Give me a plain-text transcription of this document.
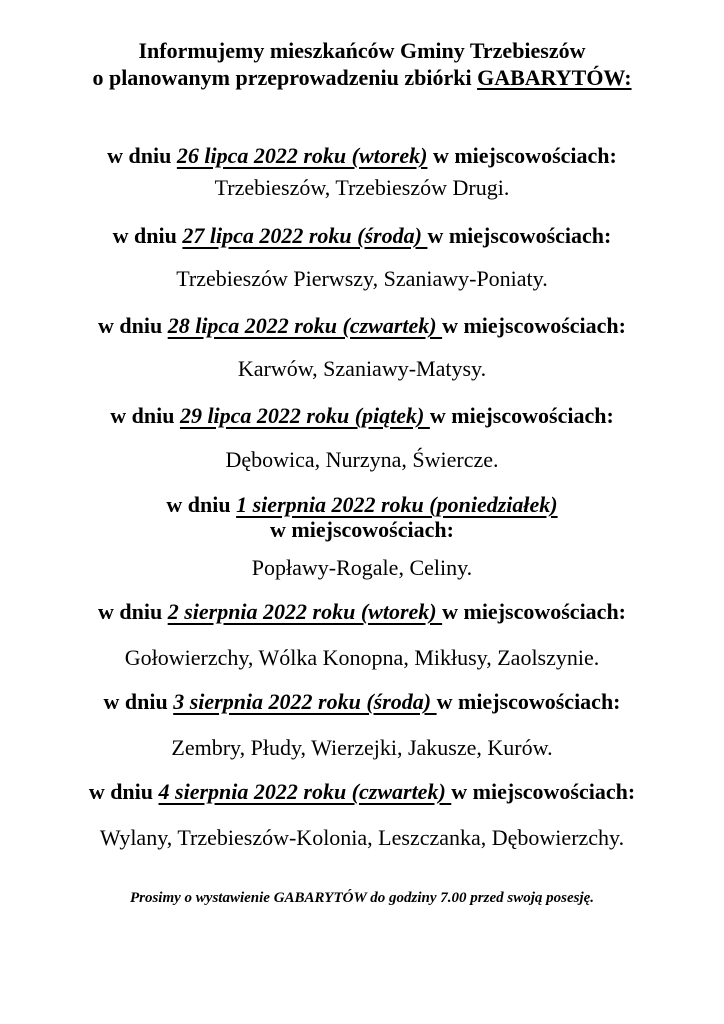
Informujemy mieszkańców Gminy Trzebieszów
o planowanym przeprowadzeniu zbiórki GABARYTÓW:
w dniu 26 lipca 2022 roku (wtorek) w miejscowościach:
Trzebieszów, Trzebieszów Drugi.
w dniu 27 lipca 2022 roku (środa) w miejscowościach:
Trzebieszów Pierwszy, Szaniawy-Poniaty.
w dniu 28 lipca 2022 roku (czwartek) w miejscowościach:
Karwów, Szaniawy-Matysy.
w dniu 29 lipca 2022 roku (piątek) w miejscowościach:
Dębowica, Nurzyna, Świercze.
w dniu 1 sierpnia 2022 roku (poniedziałek)
w miejscowościach:
Popławy-Rogale, Celiny.
w dniu 2 sierpnia 2022 roku (wtorek) w miejscowościach:
Gołowierzchy, Wólka Konopna, Mikłusy, Zaolszynie.
w dniu 3 sierpnia 2022 roku (środa) w miejscowościach:
Zembry, Płudy, Wierzejki, Jakusze, Kurów.
w dniu 4 sierpnia 2022 roku (czwartek) w miejscowościach:
Wylany, Trzebieszów-Kolonia, Leszczanka, Dębowierzchy.
Prosimy o wystawienie GABARYTÓW do godziny 7.00 przed swoją posesję.
